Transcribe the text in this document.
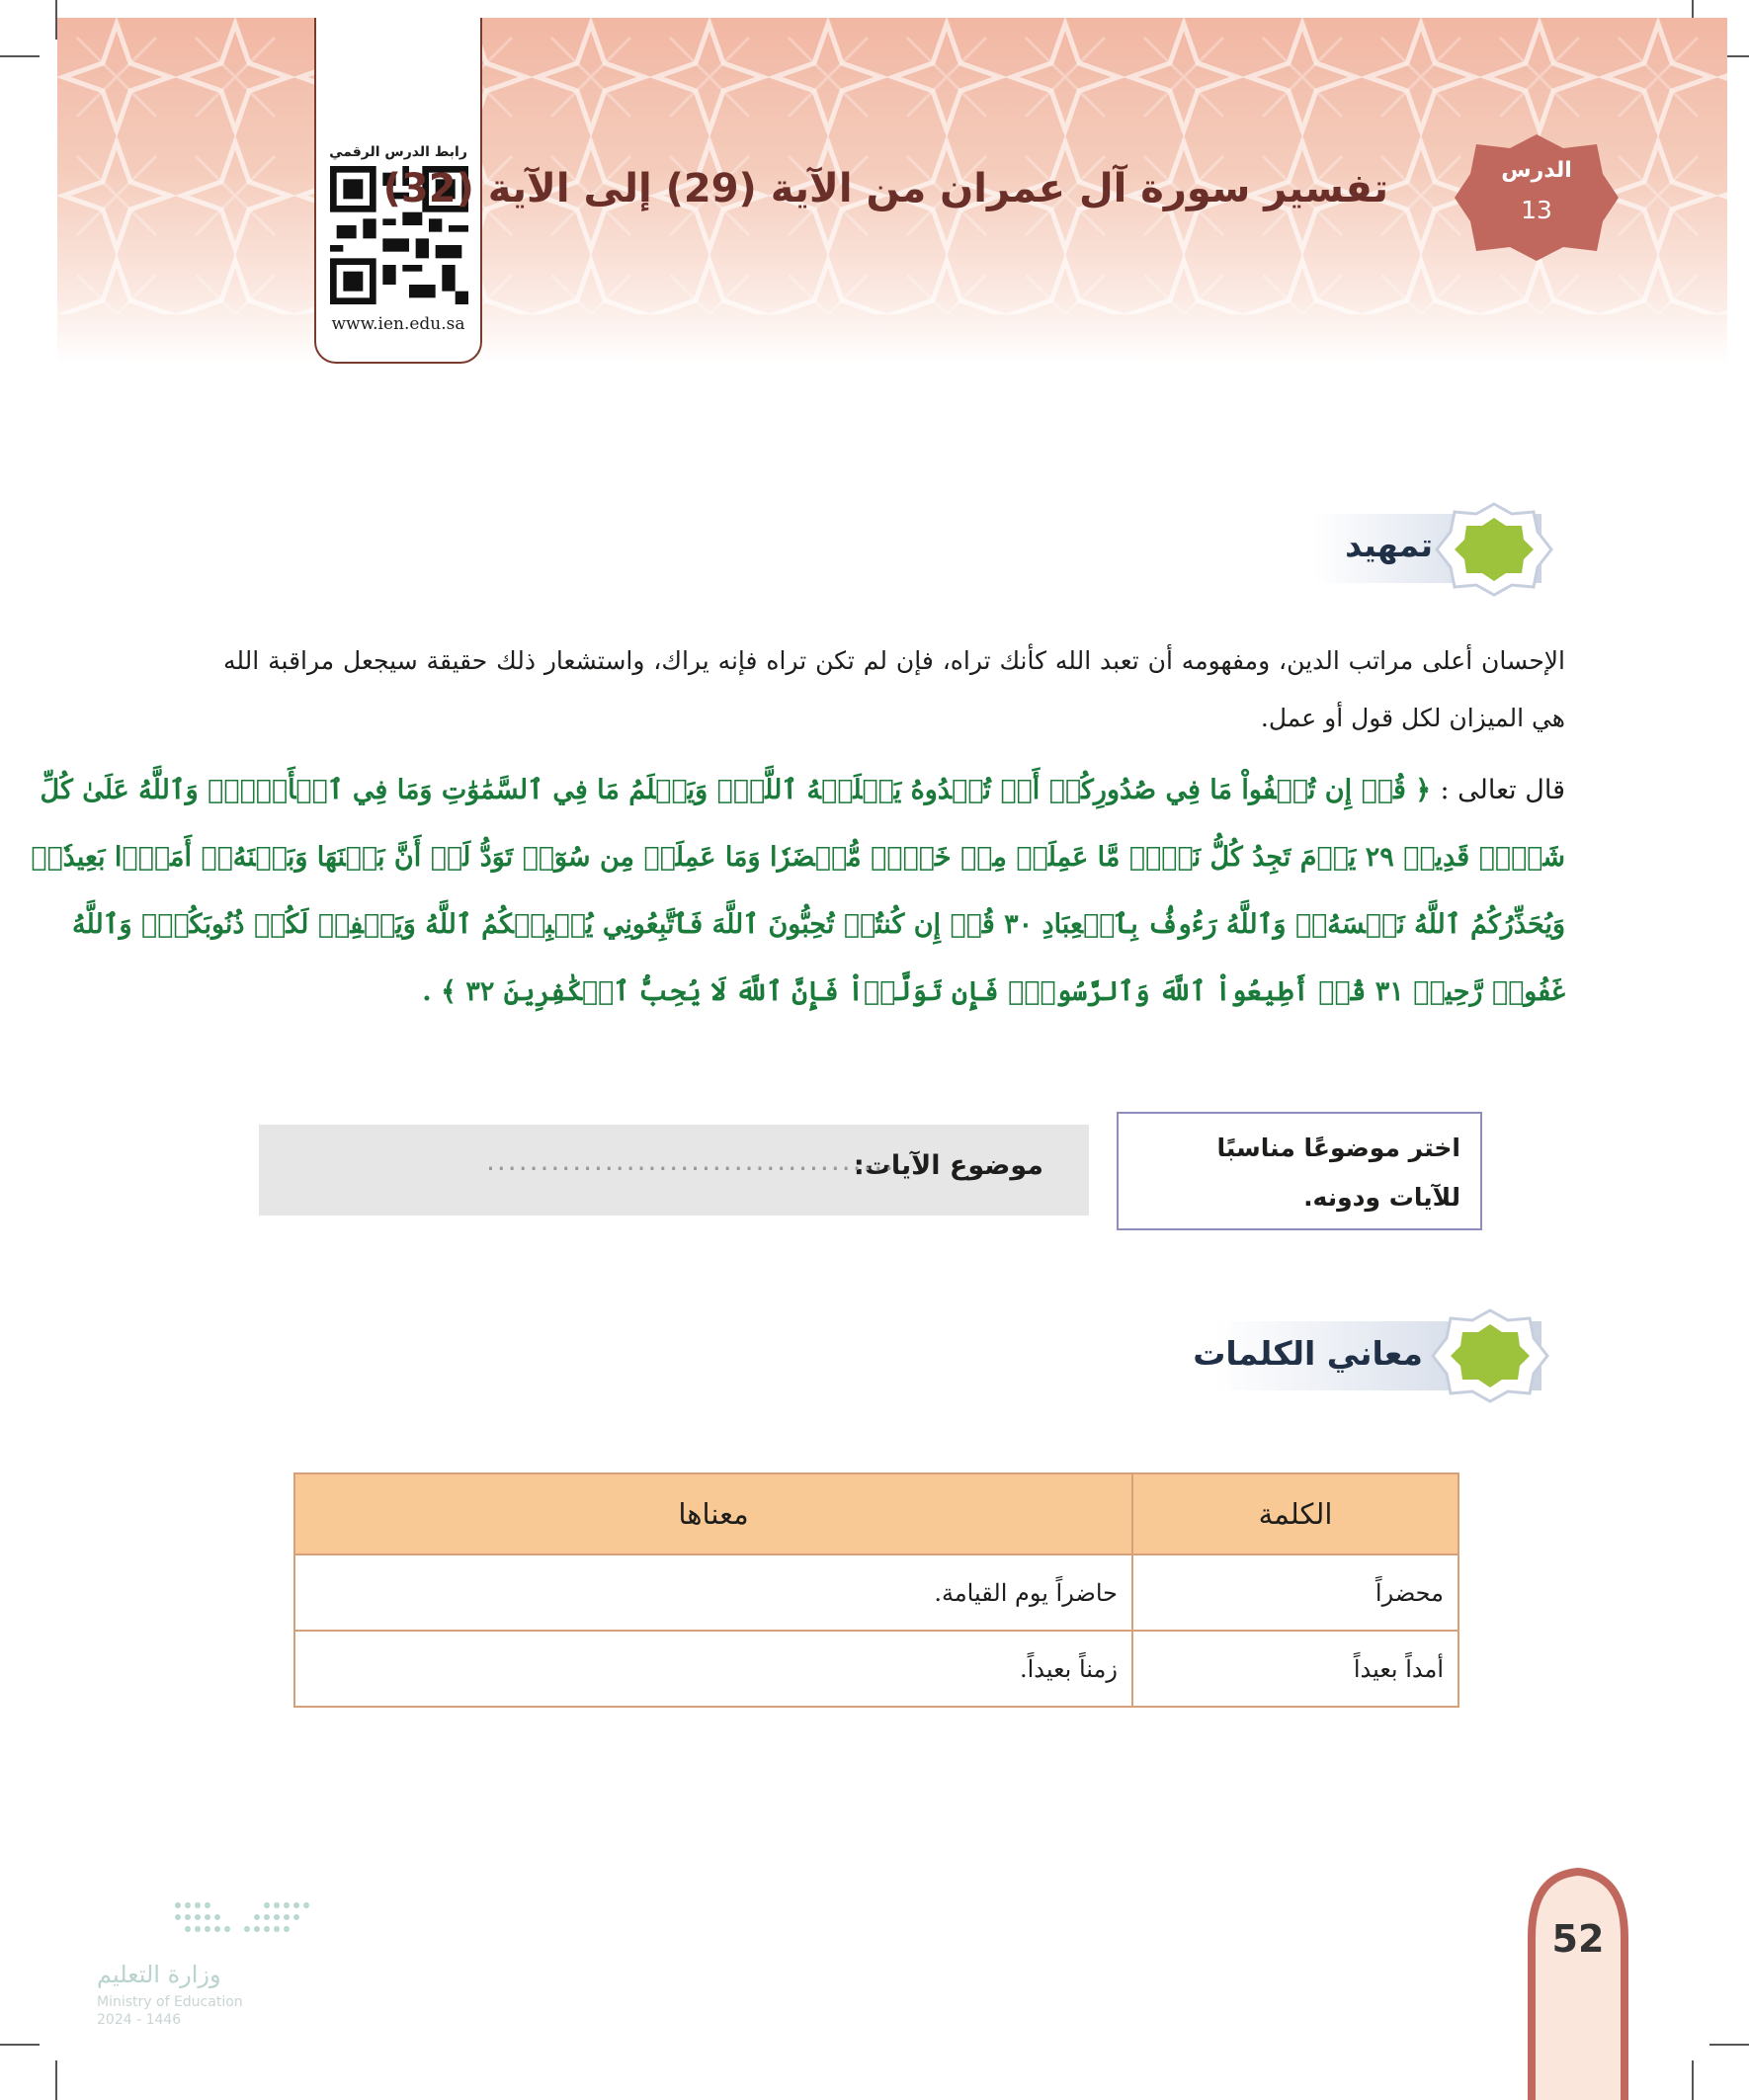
رابط الدرس الرقمي
www.ien.edu.sa
الدرس
13
تفسير سورة آل عمران من الآية (29) إلى الآية (32)
تمهيد
الإحسان أعلى مراتب الدين، ومفهومه أن تعبد الله كأنك تراه، فإن لم تكن تراه فإنه يراك، واستشعار ذلك حقيقة سيجعل مراقبة الله هي الميزان لكل قول أو عمل.
قال تعالى : ﴿ قُلۡ إِن تُخۡفُواْ مَا فِي صُدُورِكُمۡ أَوۡ تُبۡدُوهُ يَعۡلَمۡهُ ٱللَّهُۗ وَيَعۡلَمُ مَا فِي ٱلسَّمَٰوَٰتِ وَمَا فِي ٱلۡأَرۡضِۗ وَٱللَّهُ عَلَىٰ كُلِّ
شَيۡءٖ قَدِيرٞ ٢٩ يَوۡمَ تَجِدُ كُلُّ نَفۡسٖ مَّا عَمِلَتۡ مِنۡ خَيۡرٖ مُّحۡضَرٗا وَمَا عَمِلَتۡ مِن سُوٓءٖ تَوَدُّ لَوۡ أَنَّ بَيۡنَهَا وَبَيۡنَهُۥٓ أَمَدَۢا بَعِيدٗاۗ
وَيُحَذِّرُكُمُ ٱللَّهُ نَفۡسَهُۥۗ وَٱللَّهُ رَءُوفُۢ بِٱلۡعِبَادِ ٣٠ قُلۡ إِن كُنتُمۡ تُحِبُّونَ ٱللَّهَ فَٱتَّبِعُونِي يُحۡبِبۡكُمُ ٱللَّهُ وَيَغۡفِرۡ لَكُمۡ ذُنُوبَكُمۡۚ وَٱللَّهُ
غَفُورٞ رَّحِيمٞ ٣١ قُلۡ أَطِيعُواْ ٱللَّهَ وَٱلرَّسُولَۖ فَإِن تَوَلَّوۡاْ فَإِنَّ ٱللَّهَ لَا يُحِبُّ ٱلۡكَٰفِرِينَ ٣٢ ﴾ .
موضوع الآيات:
......................................	اختر موضوعًا مناسبًا
للآيات ودونه.
معاني الكلمات
الكلمة	معناها
محضراً	حاضراً يوم القيامة.
أمداً بعيداً	زمناً بعيداً.
وزارة التعليم
Ministry of Education
2024 - 1446
52
